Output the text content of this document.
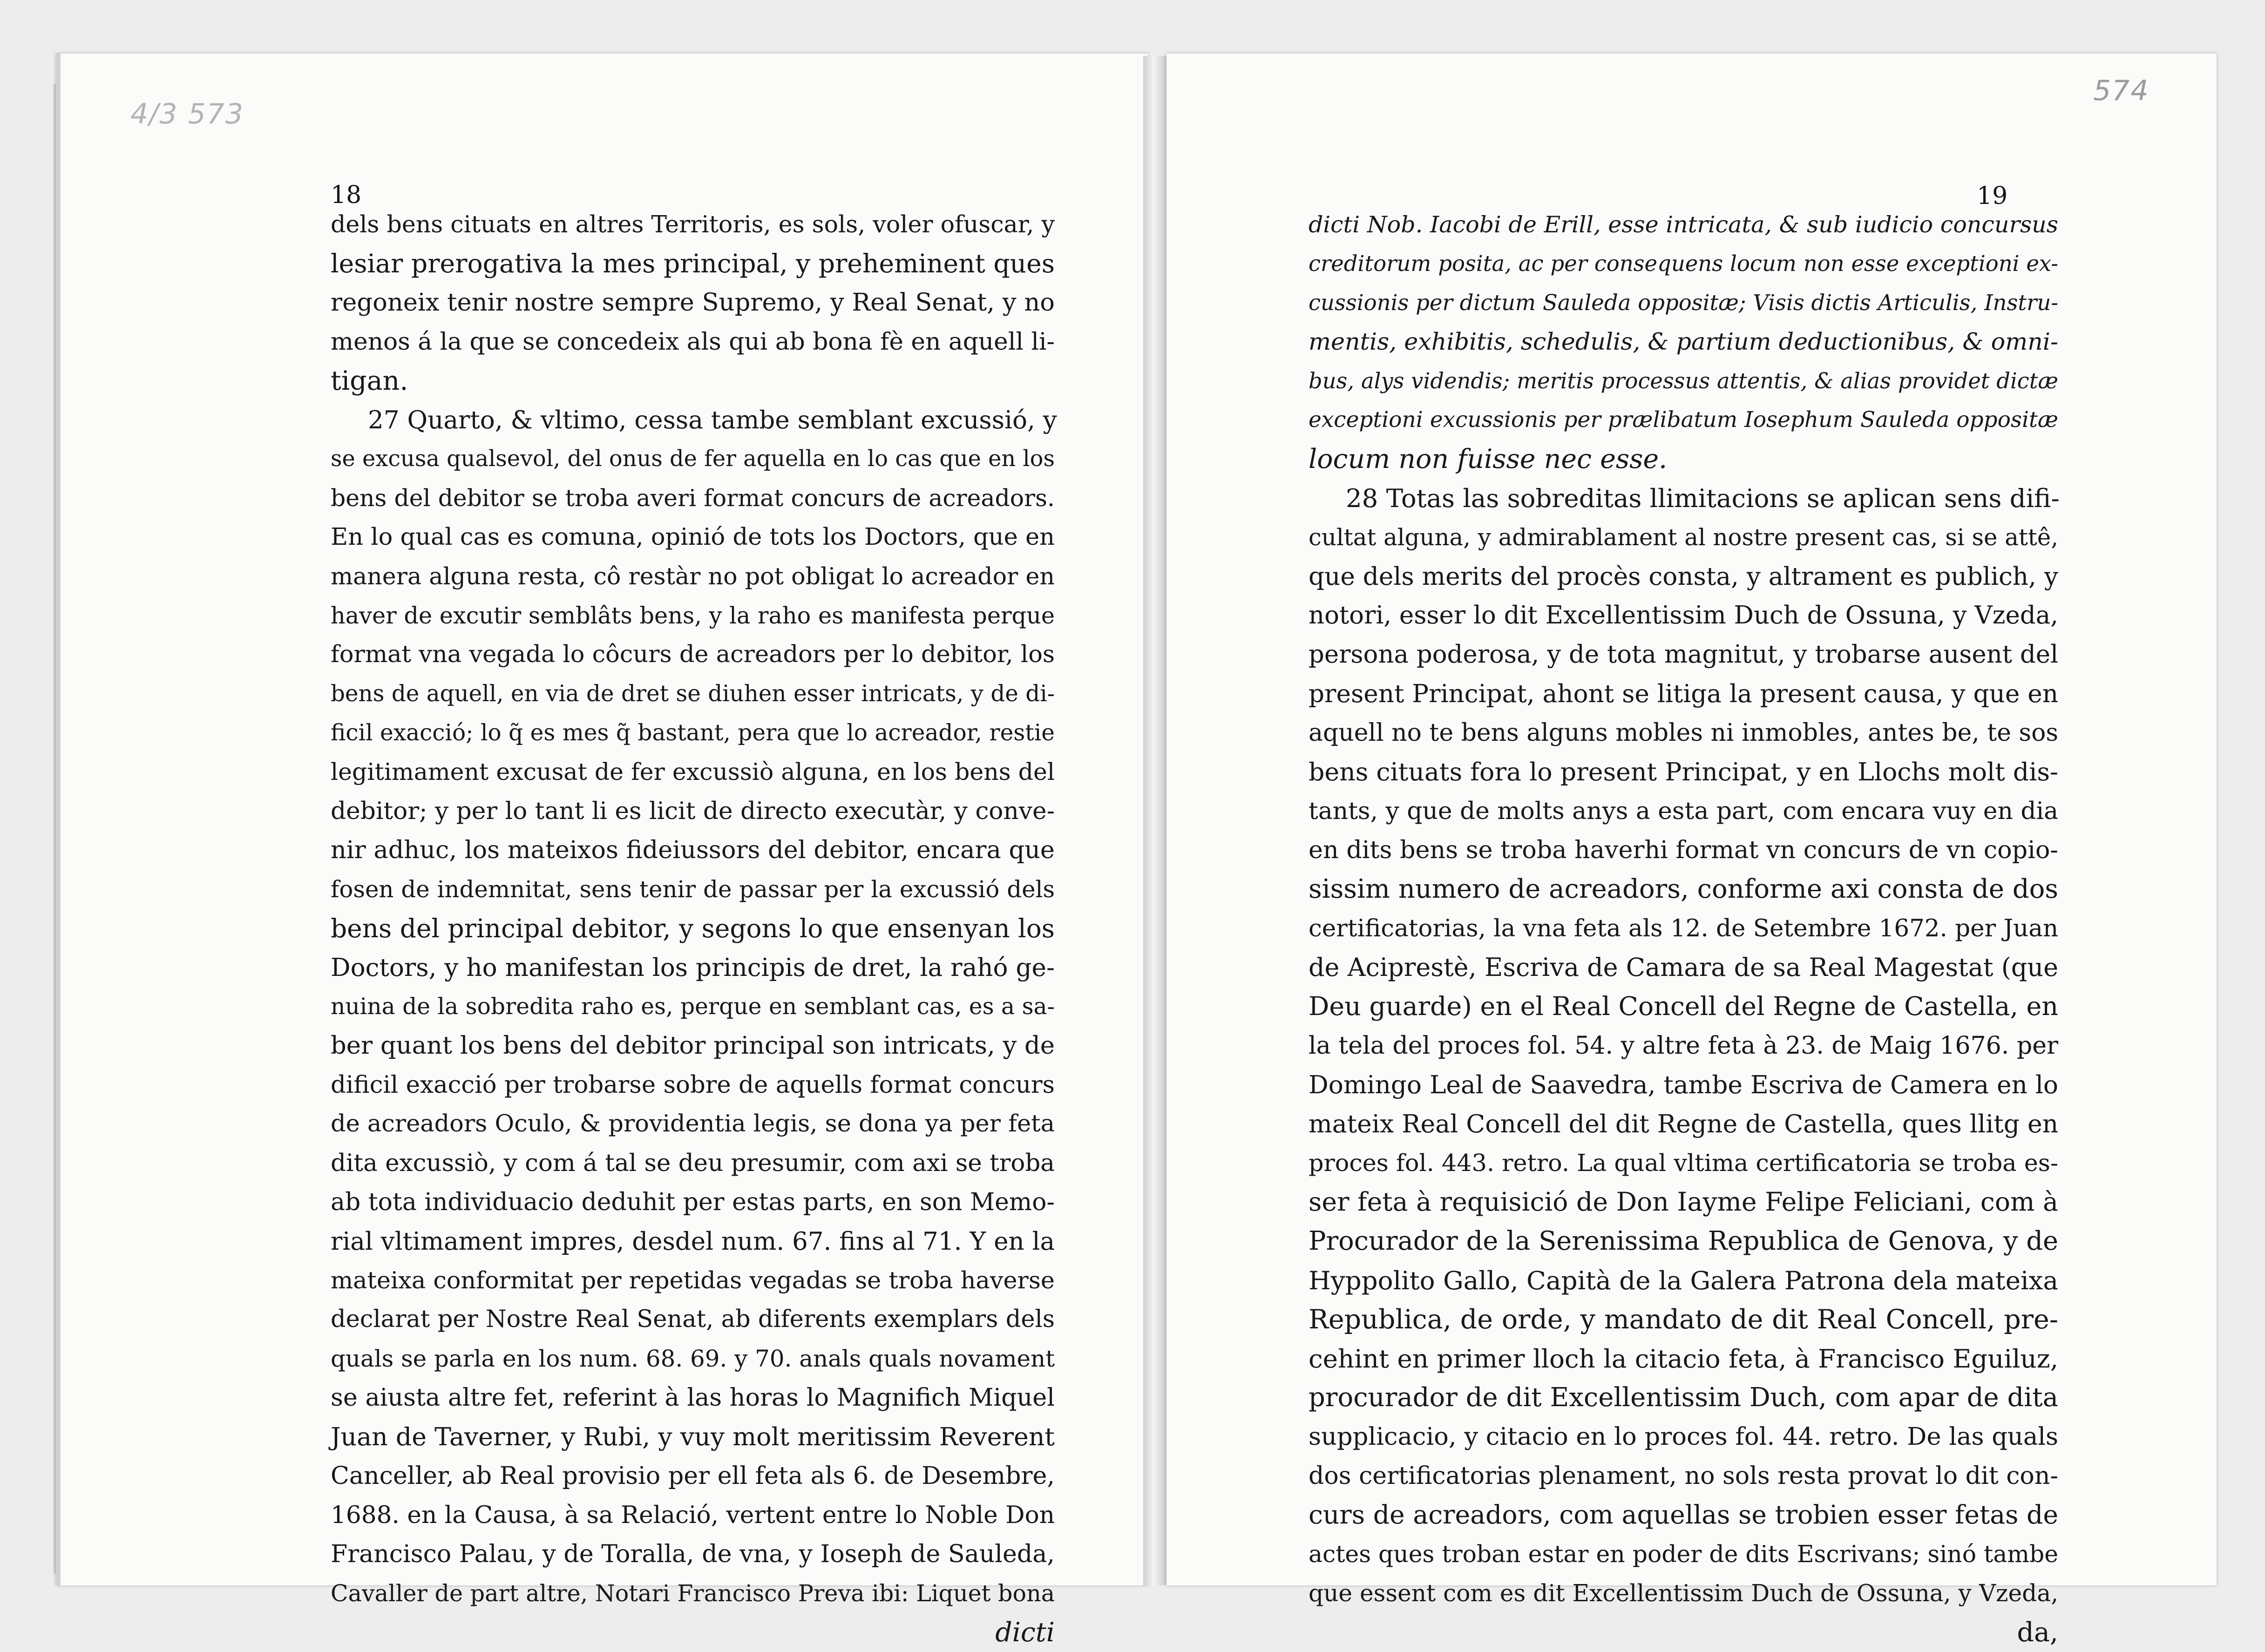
4/3 573
18
dels bens cituats en altres Territoris, es sols, voler ofuscar, y
lesiar prerogativa la mes principal, y preheminent ques
regoneix tenir nostre sempre Supremo, y Real Senat, y no
menos á la que se concedeix als qui ab bona fè en aquell li-
tigan.
27 Quarto, & vltimo, cessa tambe semblant excussió, y
se excusa qualsevol, del onus de fer aquella en lo cas que en los
bens del debitor se troba averi format concurs de acreadors.
En lo qual cas es comuna, opinió de tots los Doctors, que en
manera alguna resta, cô restàr no pot obligat lo acreador en
haver de excutir semblâts bens, y la raho es manifesta perque
format vna vegada lo côcurs de acreadors per lo debitor, los
bens de aquell, en via de dret se diuhen esser intricats, y de di-
ficil exacció; lo q̃ es mes q̃ bastant, pera que lo acreador, restie
legitimament excusat de fer excussiò alguna, en los bens del
debitor; y per lo tant li es licit de directo executàr, y conve-
nir adhuc, los mateixos fideiussors del debitor, encara que
fosen de indemnitat, sens tenir de passar per la excussió dels
bens del principal debitor, y segons lo que ensenyan los
Doctors, y ho manifestan los principis de dret, la rahó ge-
nuina de la sobredita raho es, perque en semblant cas, es a sa-
ber quant los bens del debitor principal son intricats, y de
dificil exacció per trobarse sobre de aquells format concurs
de acreadors Oculo, & providentia legis, se dona ya per feta
dita excussiò, y com á tal se deu presumir, com axi se troba
ab tota individuacio deduhit per estas parts, en son Memo-
rial vltimament impres, desdel num. 67. fins al 71. Y en la
mateixa conformitat per repetidas vegadas se troba haverse
declarat per Nostre Real Senat, ab diferents exemplars dels
quals se parla en los num. 68. 69. y 70. anals quals novament
se aiusta altre fet, referint à las horas lo Magnifich Miquel
Juan de Taverner, y Rubi, y vuy molt meritissim Reverent
Canceller, ab Real provisio per ell feta als 6. de Desembre,
1688. en la Causa, à sa Relació, vertent entre lo Noble Don
Francisco Palau, y de Toralla, de vna, y Ioseph de Sauleda,
Cavaller de part altre, Notari Francisco Preva ibi: Liquet bona
dicti
574
19
dicti Nob. Iacobi de Erill, esse intricata, & sub iudicio concursus
creditorum posita, ac per consequens locum non esse exceptioni ex-
cussionis per dictum Sauleda oppositæ; Visis dictis Articulis, Instru-
mentis, exhibitis, schedulis, & partium deductionibus, & omni-
bus, alys videndis; meritis processus attentis, & alias providet dictæ
exceptioni excussionis per prælibatum Iosephum Sauleda oppositæ
locum non fuisse nec esse.
28 Totas las sobreditas llimitacions se aplican sens difi-
cultat alguna, y admirablament al nostre present cas, si se attê,
que dels merits del procès consta, y altrament es publich, y
notori, esser lo dit Excellentissim Duch de Ossuna, y Vzeda,
persona poderosa, y de tota magnitut, y trobarse ausent del
present Principat, ahont se litiga la present causa, y que en
aquell no te bens alguns mobles ni inmobles, antes be, te sos
bens cituats fora lo present Principat, y en Llochs molt dis-
tants, y que de molts anys a esta part, com encara vuy en dia
en dits bens se troba haverhi format vn concurs de vn copio-
sissim numero de acreadors, conforme axi consta de dos
certificatorias, la vna feta als 12. de Setembre 1672. per Juan
de Aciprestè, Escriva de Camara de sa Real Magestat (que
Deu guarde) en el Real Concell del Regne de Castella, en
la tela del proces fol. 54. y altre feta à 23. de Maig 1676. per
Domingo Leal de Saavedra, tambe Escriva de Camera en lo
mateix Real Concell del dit Regne de Castella, ques llitg en
proces fol. 443. retro. La qual vltima certificatoria se troba es-
ser feta à requisició de Don Iayme Felipe Feliciani, com à
Procurador de la Serenissima Republica de Genova, y de
Hyppolito Gallo, Capità de la Galera Patrona dela mateixa
Republica, de orde, y mandato de dit Real Concell, pre-
cehint en primer lloch la citacio feta, à Francisco Eguiluz,
procurador de dit Excellentissim Duch, com apar de dita
supplicacio, y citacio en lo proces fol. 44. retro. De las quals
dos certificatorias plenament, no sols resta provat lo dit con-
curs de acreadors, com aquellas se trobien esser fetas de
actes ques troban estar en poder de dits Escrivans; sinó tambe
que essent com es dit Excellentissim Duch de Ossuna, y Vzeda,
da,
